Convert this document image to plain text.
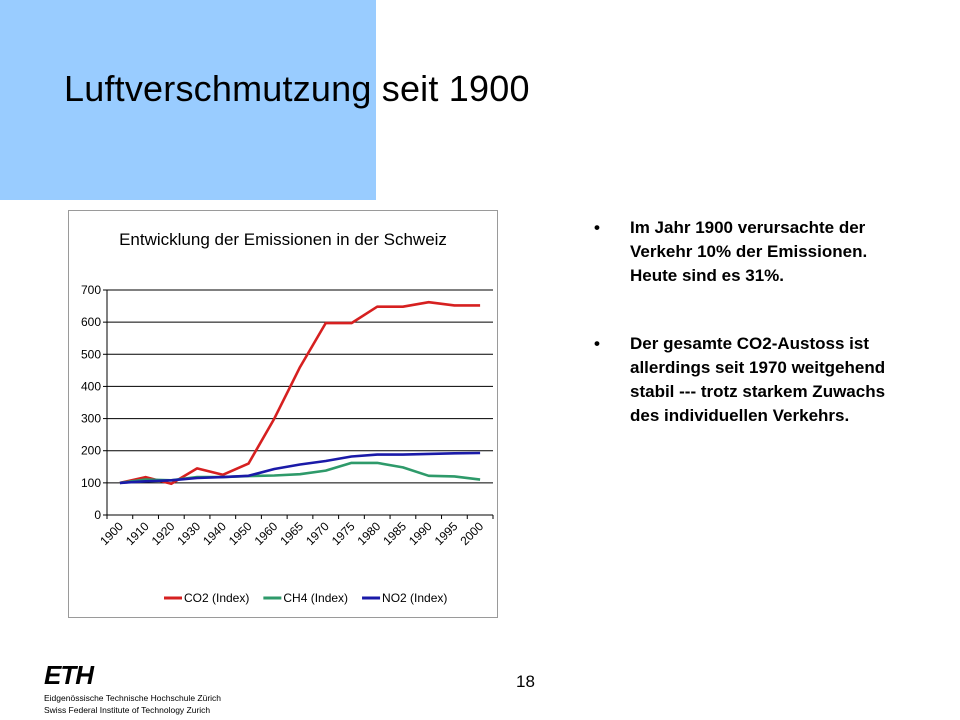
Luftverschmutzung seit 1900
Entwicklung der Emissionen in der Schweiz
0
100
200
300
400
500
600
700
1900
1910
1920
1930
1940
1950
1960
1965
1970
1975
1980
1985
1990
1995
2000
CO2 (Index)	CH4 (Index)	NO2 (Index)
• Im Jahr 1900 verursachte der Verkehr 10% der Emissionen. Heute sind es 31%.
• Der gesamte CO2-Austoss ist allerdings seit 1970 weitgehend stabil --- trotz starkem Zuwachs des individuellen Verkehrs.
ETH
Eidgenössische Technische Hochschule Zürich
Swiss Federal Institute of Technology Zurich
18
